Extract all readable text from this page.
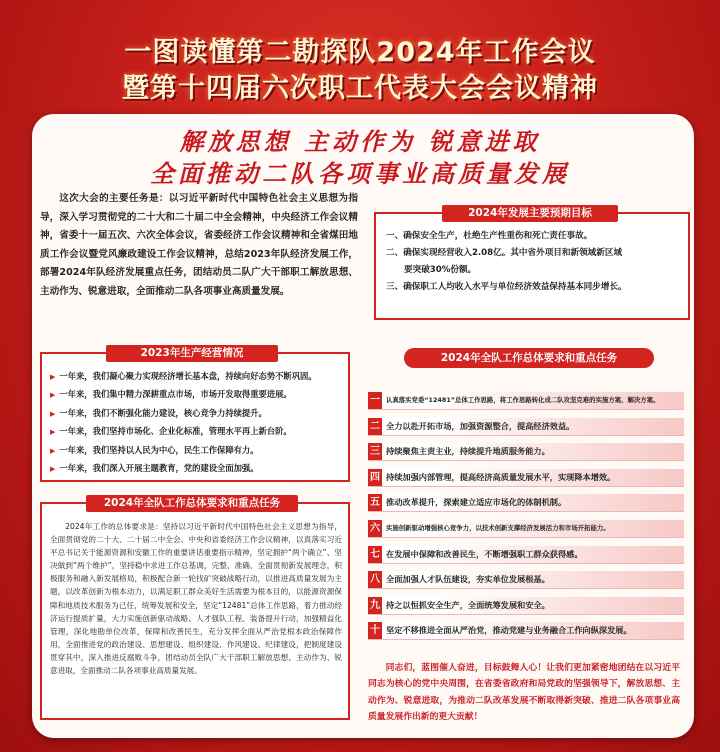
一图读懂第二勘探队2024年工作会议
暨第十四届六次职工代表大会会议精神
解放思想 主动作为 锐意进取
全面推动二队各项事业高质量发展
这次大会的主要任务是：以习近平新时代中国特色社会主义思想为指导，深入学习贯彻党的二十大和二十届二中全会精神，中央经济工作会议精神，省委十一届五次、六次全体会议，省委经济工作会议精神和全省煤田地质工作会议暨党风廉政建设工作会议精神，总结2023年队经济发展工作，部署2024年队经济发展重点任务，团结动员二队广大干部职工解放思想、主动作为、锐意进取，全面推动二队各项事业高质量发展。
一、确保安全生产，杜绝生产性重伤和死亡责任事故。
二、确保实现经营收入2.08亿。其中省外项目和新领域新区域
要突破30%份额。
三、确保职工人均收入水平与单位经济效益保持基本同步增长。
2024年发展主要预期目标
▶ 一年来，我们凝心聚力实现经济增长基本盘，持续向好态势不断巩固。
▶ 一年来，我们集中精力深耕重点市场，市场开发取得重要进展。
▶ 一年来，我们不断强化能力建设，核心竞争力持续提升。
▶ 一年来，我们坚持市场化、企业化标准，管理水平再上新台阶。
▶ 一年来，我们坚持以人民为中心，民生工作保障有力。
▶ 一年来，我们深入开展主题教育，党的建设全面加强。
2023年生产经营情况

2024年工作的总体要求是：坚持以习近平新时代中国特色社会主义思想为指导，全面贯彻党的二十大、二十届二中全会、中央和省委经济工作会议精神，以真落实习近平总书记关于能源资源和安徽工作的重要讲话重要指示精神，坚定拥护“两个确立”、坚决做到“两个维护”，坚持稳中求进工作总基调，完整、准确、全面贯彻新发展理念，积极服务和融入新发展格局，积极配合新一轮找矿突破战略行动，以推进高质量发展为主题，以改革创新为根本动力，以满足职工群众美好生活需要为根本目的，以能源资源保障和地质技术服务为己任，统筹发展和安全，坚定“12481”总体工作思路，着力推动经济运行提质扩量，大力实施创新驱动战略、人才强队工程、装备提升行动，加强精益化管理，深化地勘单位改革，保障和改善民生，充分发挥全面从严治党根本政治保障作用，全面推进党的政治建设、思想建设、组织建设、作风建设、纪律建设，把制度建设贯穿其中，深入推进反腐败斗争，团结动员全队广大干部职工解放思想、主动作为、锐意进取，全面推动二队各项事业高质量发展。

2024年全队工作总体要求和重点任务
2024年全队工作总体要求和重点任务
一 认真落实党委“12481”总体工作思路，将工作思路转化成二队攻坚克难的实施方案、解决方案。
二 全力以赴开拓市场，加强资源整合，提高经济效益。
三 持续聚焦主责主业，持续提升地质服务能力。
四 持续加强内部管理，提高经济高质量发展水平，实现降本增效。
五 推动改革提升，探索建立适应市场化的体制机制。
六 实施创新驱动增强核心竞争力，以技术创新支撑经济发展活力和市场开拓能力。
七 在发展中保障和改善民生，不断增强职工群众获得感。
八 全面加强人才队伍建设，夯实单位发展根基。
九 持之以恒抓安全生产，全面统筹发展和安全。
十 坚定不移推进全面从严治党，推动党建与业务融合工作向纵深发展。
同志们，蓝图催人奋进，目标鼓舞人心！让我们更加紧密地团结在以习近平同志为核心的党中央周围，在省委省政府和局党政的坚强领导下，解放思想、主动作为、锐意进取，为推动二队改革发展不断取得新突破、推进二队各项事业高质量发展作出新的更大贡献！
